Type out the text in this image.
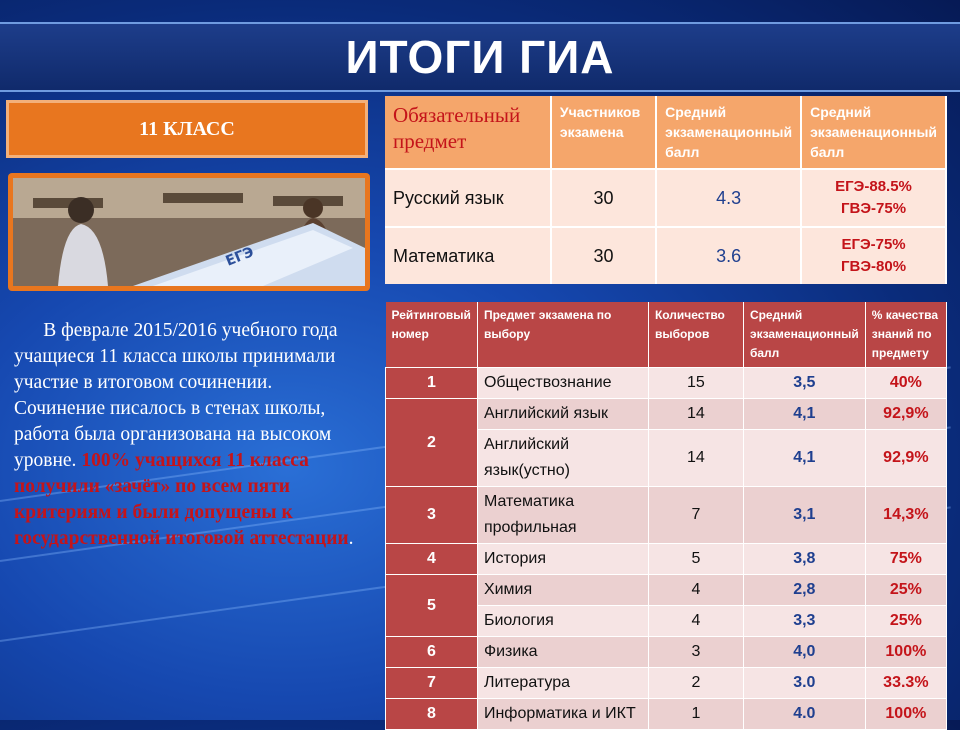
ИТОГИ ГИА
11 КЛАСС
ЕГЭ
В феврале 2015/2016 учебного года учащиеся 11 класса школы принимали участие в итоговом сочинении. Сочинение писалось в стенах школы, работа была организована на высоком уровне. 100% учащихся 11 класса получили «зачёт» по всем пяти критериям и были допущены к государственной итоговой аттестации.
Обязательный предмет	Участников экзамена	Средний экзаменационный балл	Средний экзаменационный балл
Русский язык	30	4.3	ЕГЭ-88.5%
ГВЭ-75%

Математика	30	3.6	ЕГЭ-75%
ГВЭ-80%
Рейтинговый номер	Предмет экзамена по выбору	Количество выборов	Средний экзаменационный балл	% качества знаний по предмету
1	Обществознание	15	3,5	40%
2	Английский язык	14	4,1	92,9%
	Английский язык(устно)	14	4,1	92,9%
3	Математика профильная	7	3,1	14,3%
4	История	5	3,8	75%
5	Химия	4	2,8	25%
	Биология	4	3,3	25%
6	Физика	3	4,0	100%
7	Литература	2	3.0	33.3%
8	Информатика и ИКТ	1	4.0	100%
